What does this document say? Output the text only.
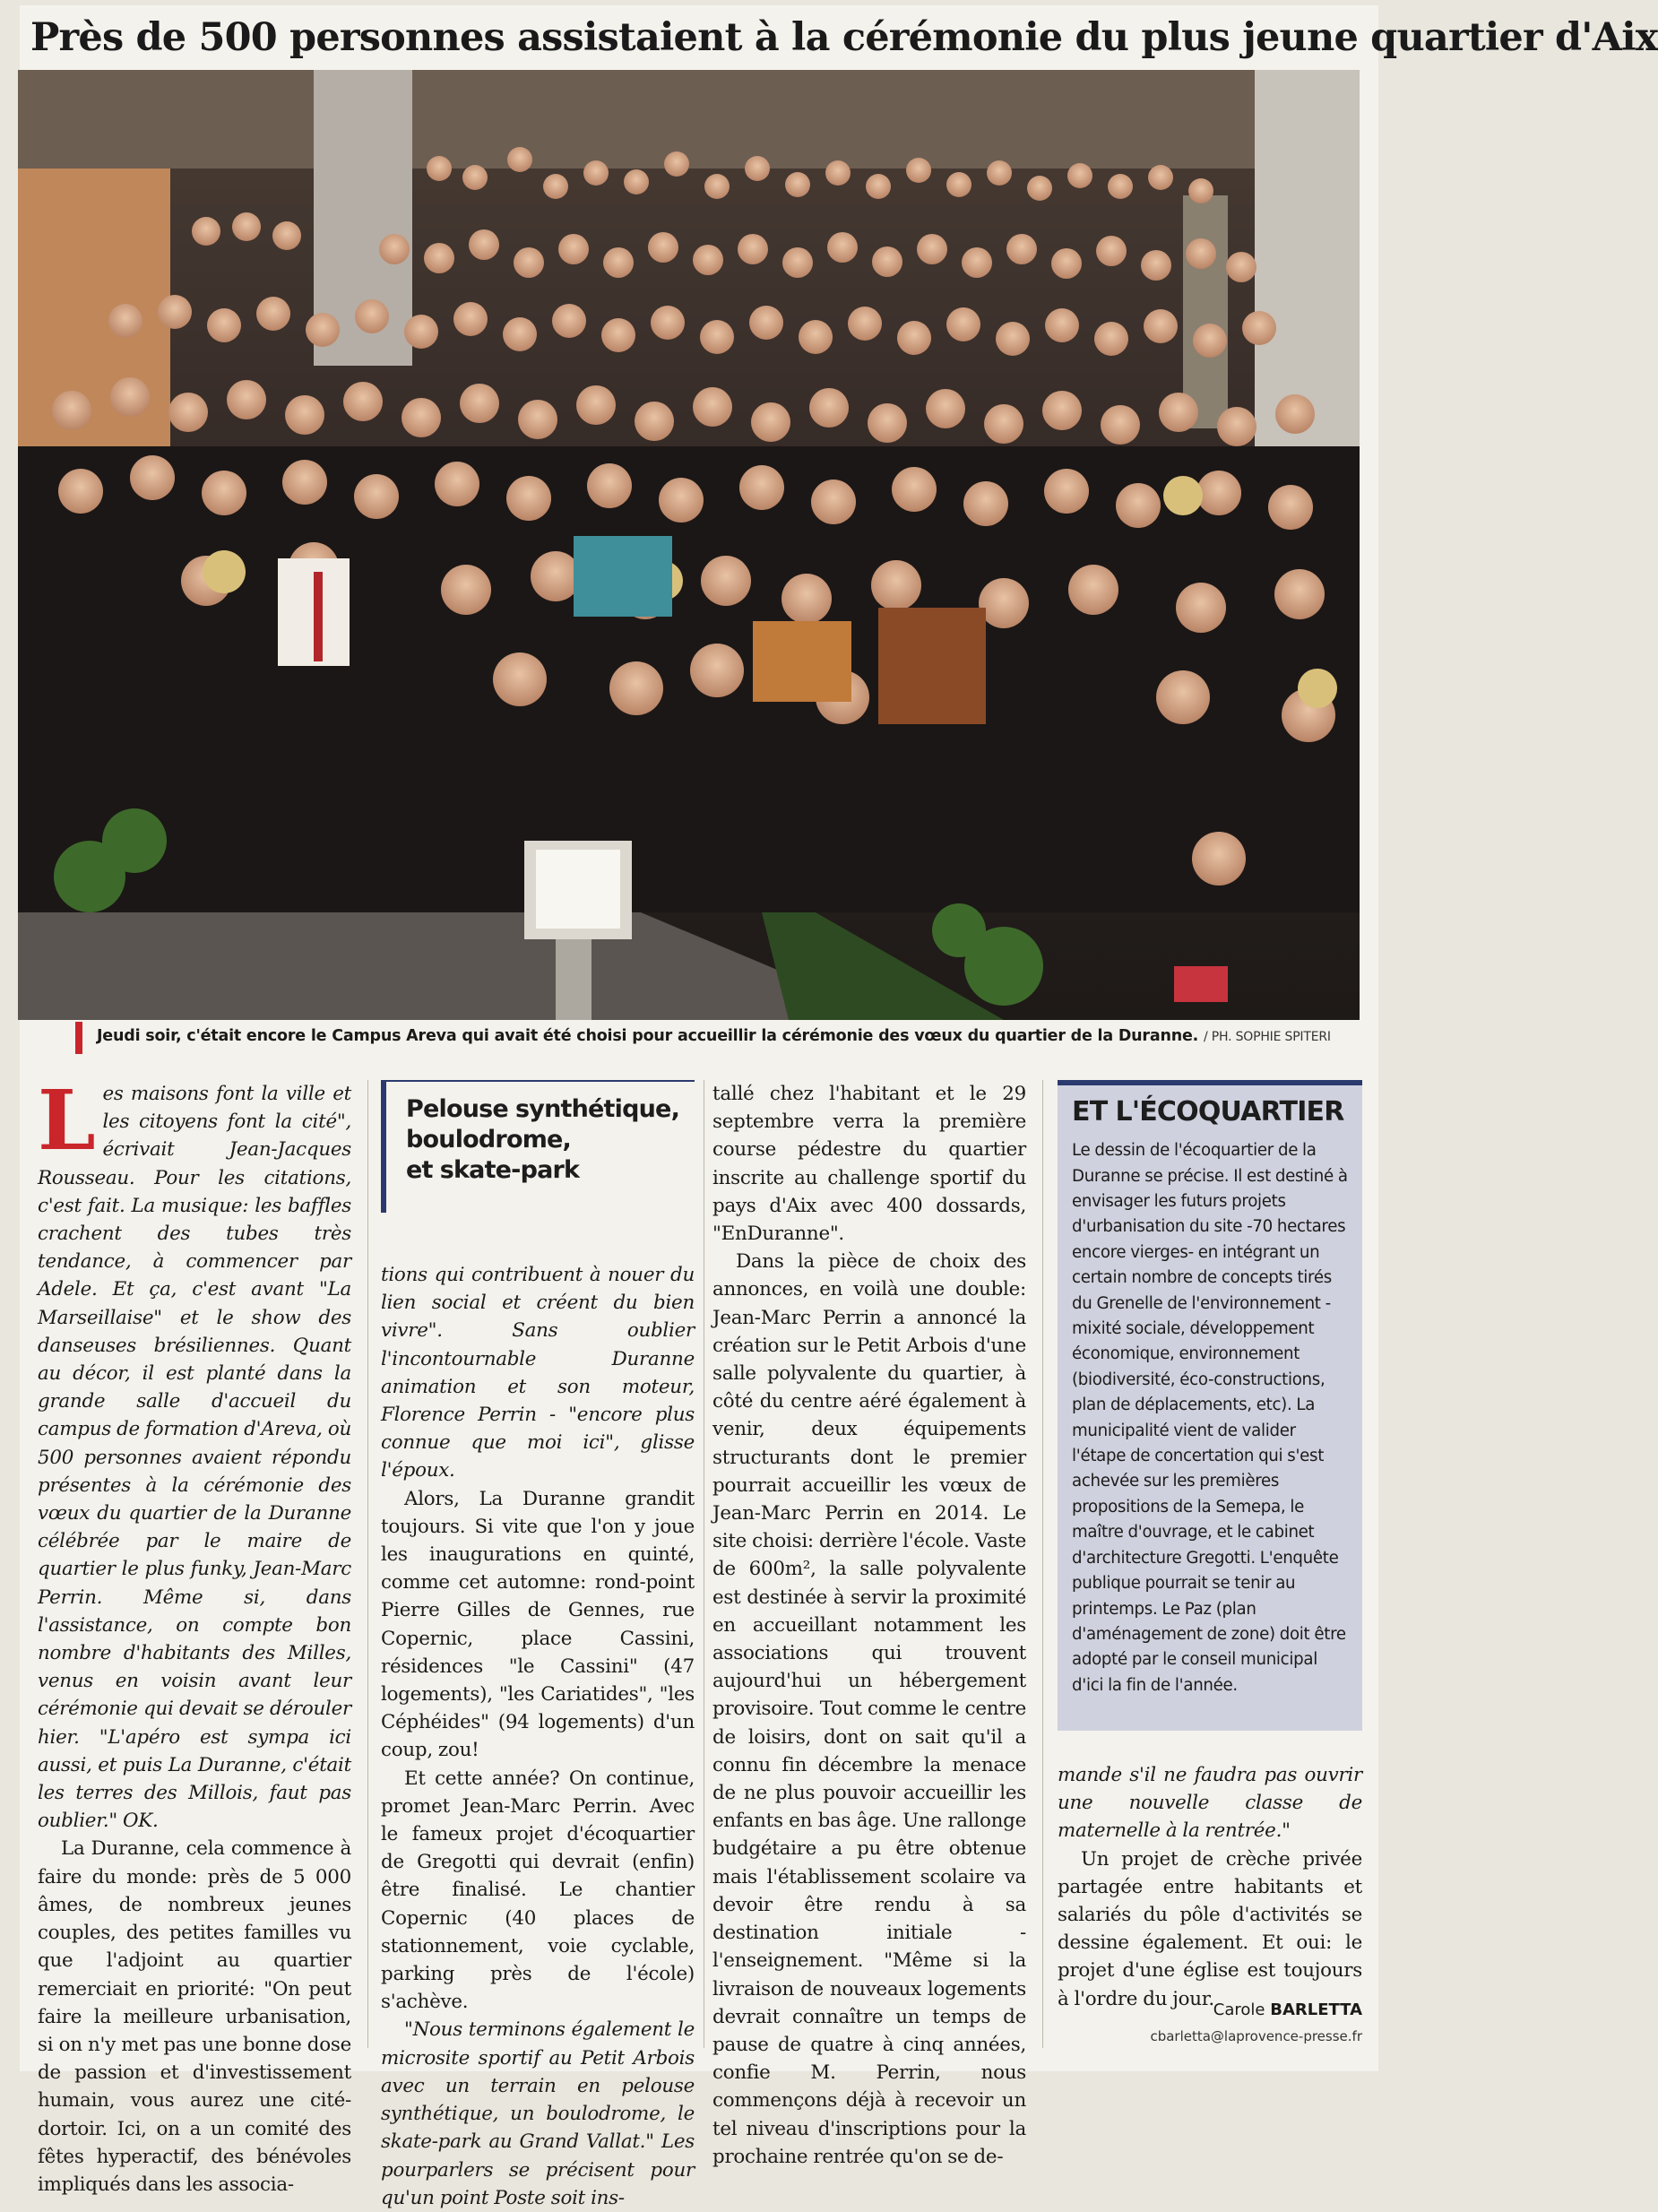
Près de 500 personnes assistaient à la cérémonie du plus jeune quartier d'Aix
Jeudi soir, c'était encore le Campus Areva qui avait été choisi pour accueillir la cérémonie des vœux du quartier de la Duranne. / PH. SOPHIE SPITERI

Les maisons font la ville et les citoyens font la cité", écrivait Jean-Jacques Rousseau. Pour les citations, c'est fait. La musique: les baffles crachent des tubes très tendance, à commencer par Adele. Et ça, c'est avant "La Marseillaise" et le show des danseuses brésiliennes. Quant au décor, il est planté dans la grande salle d'accueil du campus de formation d'Areva, où 500 personnes avaient répondu présentes à la cérémonie des vœux du quartier de la Duranne célébrée par le maire de quartier le plus funky, Jean-Marc Perrin. Même si, dans l'assistance, on compte bon nombre d'habitants des Milles, venus en voisin avant leur cérémonie qui devait se dérouler hier. "L'apéro est sympa ici aussi, et puis La Duranne, c'était les terres des Millois, faut pas oublier." OK.

La Duranne, cela commence à faire du monde: près de 5 000 âmes, de nombreux jeunes couples, des petites familles vu que l'adjoint au quartier remerciait en priorité: "On peut faire la meilleure urbanisation, si on n'y met pas une bonne dose de passion et d'investissement humain, vous aurez une cité-dortoir. Ici, on a un comité des fêtes hyperactif, des bénévoles impliqués dans les associa-

Pelouse synthétique,
boulodrome,
et skate-park

tions qui contribuent à nouer du lien social et créent du bien vivre". Sans oublier l'incontournable Duranne animation et son moteur, Florence Perrin - "encore plus connue que moi ici", glisse l'époux.

Alors, La Duranne grandit toujours. Si vite que l'on y joue les inaugurations en quinté, comme cet automne: rond-point Pierre Gilles de Gennes, rue Copernic, place Cassini, résidences "le Cassini" (47 logements), "les Cariatides", "les Céphéides" (94 logements) d'un coup, zou!

Et cette année? On continue, promet Jean-Marc Perrin. Avec le fameux projet d'écoquartier de Gregotti qui devrait (enfin) être finalisé. Le chantier Copernic (40 places de stationnement, voie cyclable, parking près de l'école) s'achève.

"Nous terminons également le microsite sportif au Petit Arbois avec un terrain en pelouse synthétique, un boulodrome, le skate-park au Grand Vallat." Les pourparlers se précisent pour qu'un point Poste soit ins-

tallé chez l'habitant et le 29 septembre verra la première course pédestre du quartier inscrite au challenge sportif du pays d'Aix avec 400 dossards, "EnDuranne".

Dans la pièce de choix des annonces, en voilà une double: Jean-Marc Perrin a annoncé la création sur le Petit Arbois d'une salle polyvalente du quartier, à côté du centre aéré également à venir, deux équipements structurants dont le premier pourrait accueillir les vœux de Jean-Marc Perrin en 2014. Le site choisi: derrière l'école. Vaste de 600m², la salle polyvalente est destinée à servir la proximité en accueillant notamment les associations qui trouvent aujourd'hui un hébergement provisoire. Tout comme le centre de loisirs, dont on sait qu'il a connu fin décembre la menace de ne plus pouvoir accueillir les enfants en bas âge. Une rallonge budgétaire a pu être obtenue mais l'établissement scolaire va devoir être rendu à sa destination initiale -l'enseignement. "Même si la livraison de nouveaux logements devrait connaître un temps de pause de quatre à cinq années, confie M. Perrin, nous commençons déjà à recevoir un tel niveau d'inscriptions pour la prochaine rentrée qu'on se de-

ET L'ÉCOQUARTIER
Le dessin de l'écoquartier de la Duranne se précise. Il est destiné à envisager les futurs projets d'urbanisation du site -70 hectares encore vierges- en intégrant un certain nombre de concepts tirés du Grenelle de l'environnement -mixité sociale, développement économique, environnement (biodiversité, éco-constructions, plan de déplacements, etc). La municipalité vient de valider l'étape de concertation qui s'est achevée sur les premières propositions de la Semepa, le maître d'ouvrage, et le cabinet d'architecture Gregotti. L'enquête publique pourrait se tenir au printemps. Le Paz (plan d'aménagement de zone) doit être adopté par le conseil municipal d'ici la fin de l'année.

mande s'il ne faudra pas ouvrir une nouvelle classe de maternelle à la rentrée."

Un projet de crèche privée partagée entre habitants et salariés du pôle d'activités se dessine également. Et oui: le projet d'une église est toujours à l'ordre du jour.

Carole BARLETTA
cbarletta@laprovence-presse.fr
